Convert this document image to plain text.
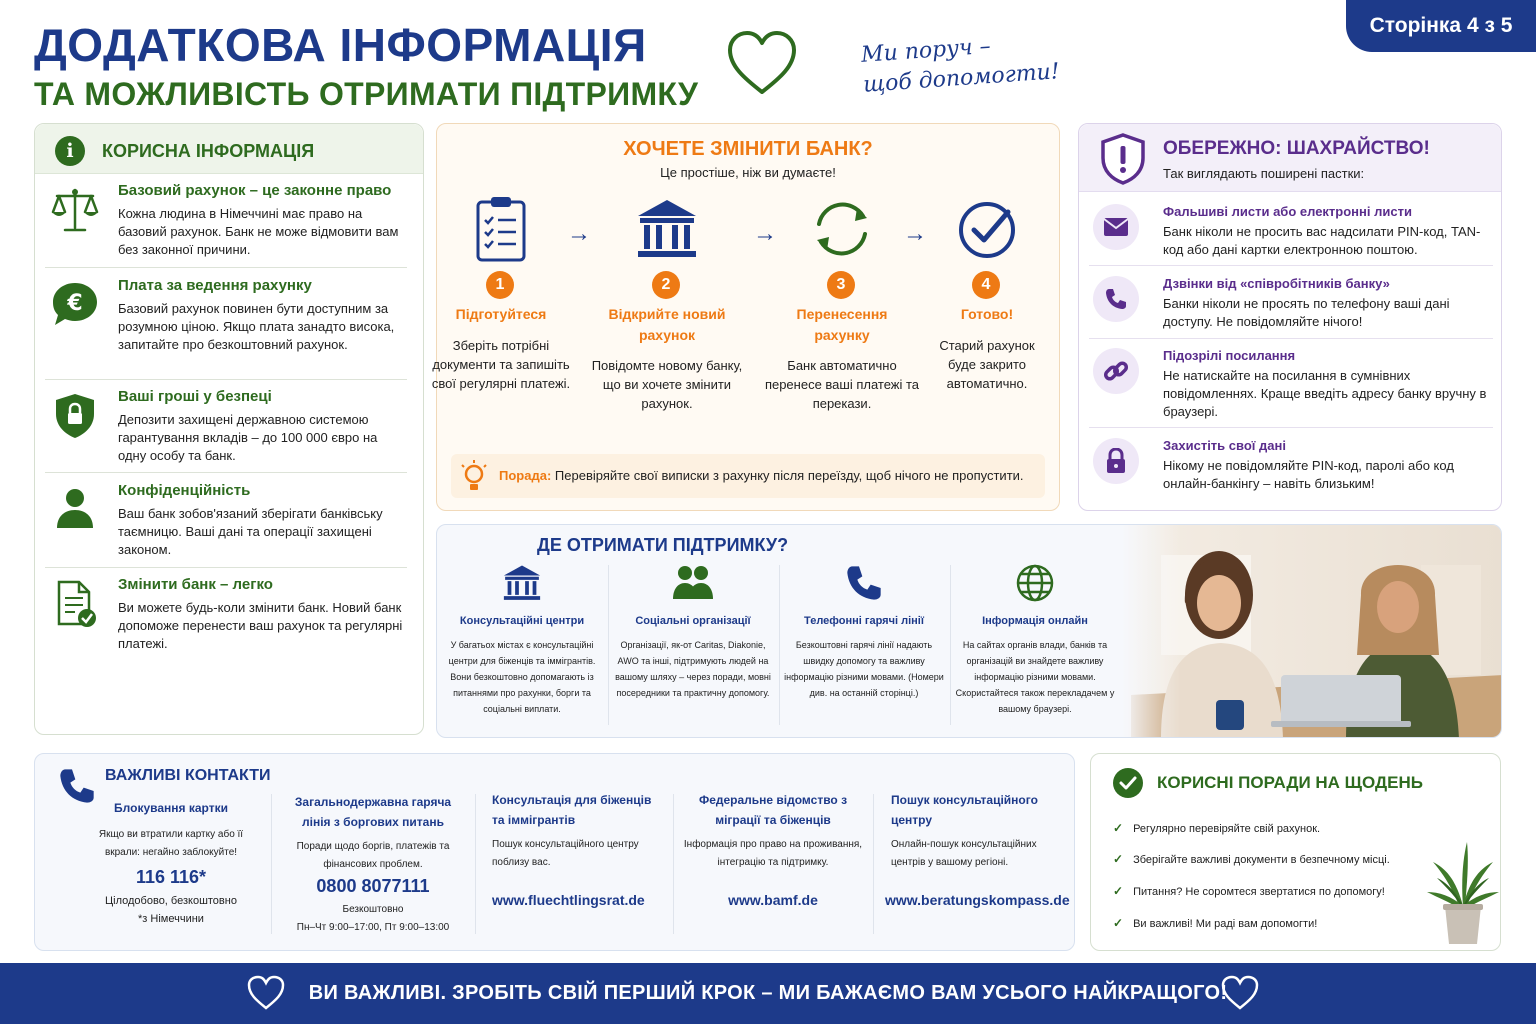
ДОДАТКОВА ІНФОРМАЦІЯ
ТА МОЖЛИВІСТЬ ОТРИМАТИ ПІДТРИМКУ
Ми поруч –
щоб допомогти!
Сторінка 4 з 5
i	КОРИСНА ІНФОРМАЦІЯ
Базовий рахунок – це законне право
Кожна людина в Німеччині має право на базовий рахунок. Банк не може відмовити вам без законної причини.
€
Плата за ведення рахунку
Базовий рахунок повинен бути доступним за розумною ціною. Якщо плата занадто висока, запитайте про безкоштовний рахунок.
Ваші гроші у безпеці
Депозити захищені державною системою гарантування вкладів – до 100 000 євро на одну особу та банк.
Конфіденційність
Ваш банк зобов'язаний зберігати банківську таємницю. Ваші дані та операції захищені законом.
Змінити банк – легко
Ви можете будь-коли змінити банк. Новий банк допоможе перенести ваш рахунок та регулярні платежі.
ХОЧЕТЕ ЗМІНИТИ БАНК?
Це простіше, ніж ви думаєте!
1
Підготуйтеся
Зберіть потрібні документи та запишіть свої регулярні платежі.
→
2
Відкрийте новий рахунок
Повідомте новому банку, що ви хочете змінити рахунок.
→
3
Перенесення рахунку
Банк автоматично перенесе ваші платежі та перекази.
→
4
Готово!
Старий рахунок буде закрито автоматично.
Порада: Перевіряйте свої виписки з рахунку після переїзду, щоб нічого не пропустити.
ОБЕРЕЖНО: ШАХРАЙСТВО!
Так виглядають поширені пастки:
Фальшиві листи або електронні листи
Банк ніколи не просить вас надсилати PIN-код, TAN-код або дані картки електронною поштою.
Дзвінки від «співробітників банку»
Банки ніколи не просять по телефону ваші дані доступу. Не повідомляйте нічого!
Підозрілі посилання
Не натискайте на посилання в сумнівних повідомленнях. Краще введіть адресу банку вручну в браузері.
Захистіть свої дані
Нікому не повідомляйте PIN-код, паролі або код онлайн-банкінгу – навіть близьким!
ДЕ ОТРИМАТИ ПІДТРИМКУ?
Консультаційні центри
У багатьох містах є консультаційні центри для біженців та іммігрантів. Вони безкоштовно допомагають із питаннями про рахунки, борги та соціальні виплати.
Соціальні організації
Організації, як-от Caritas, Diakonie, AWO та інші, підтримують людей на вашому шляху – через поради, мовні посередники та практичну допомогу.
Телефонні гарячі лінії
Безкоштовні гарячі лінії надають швидку допомогу та важливу інформацію різними мовами. (Номери див. на останній сторінці.)
Інформація онлайн
На сайтах органів влади, банків та організацій ви знайдете важливу інформацію різними мовами. Скористайтеся також перекладачем у вашому браузері.
ВАЖЛИВІ КОНТАКТИ
Блокування картки
Якщо ви втратили картку або її вкрали: негайно заблокуйте!
116 116*
Цілодобово, безкоштовно
*з Німеччини
Загальнодержавна гаряча лінія з боргових питань
Поради щодо боргів, платежів та фінансових проблем.
0800 8077111
Безкоштовно
Пн–Чт 9:00–17:00, Пт 9:00–13:00
Консультація для біженців та іммігрантів
Пошук консультаційного центру поблизу вас.
www.fluechtlingsrat.de
Федеральне відомство з міграції та біженців
Інформація про право на проживання, інтеграцію та підтримку.
www.bamf.de
Пошук консультаційного центру
Онлайн-пошук консультаційних центрів у вашому регіоні.
www.beratungskompass.de
КОРИСНІ ПОРАДИ НА ЩОДЕНЬ
✓ Регулярно перевіряйте свій рахунок.
✓ Зберігайте важливі документи в безпечному місці.
✓ Питання? Не соромтеся звертатися по допомогу!
✓ Ви важливі! Ми раді вам допомогти!
ВИ ВАЖЛИВІ. ЗРОБІТЬ СВІЙ ПЕРШИЙ КРОК – МИ БАЖАЄМО ВАМ УСЬОГО НАЙКРАЩОГО!
